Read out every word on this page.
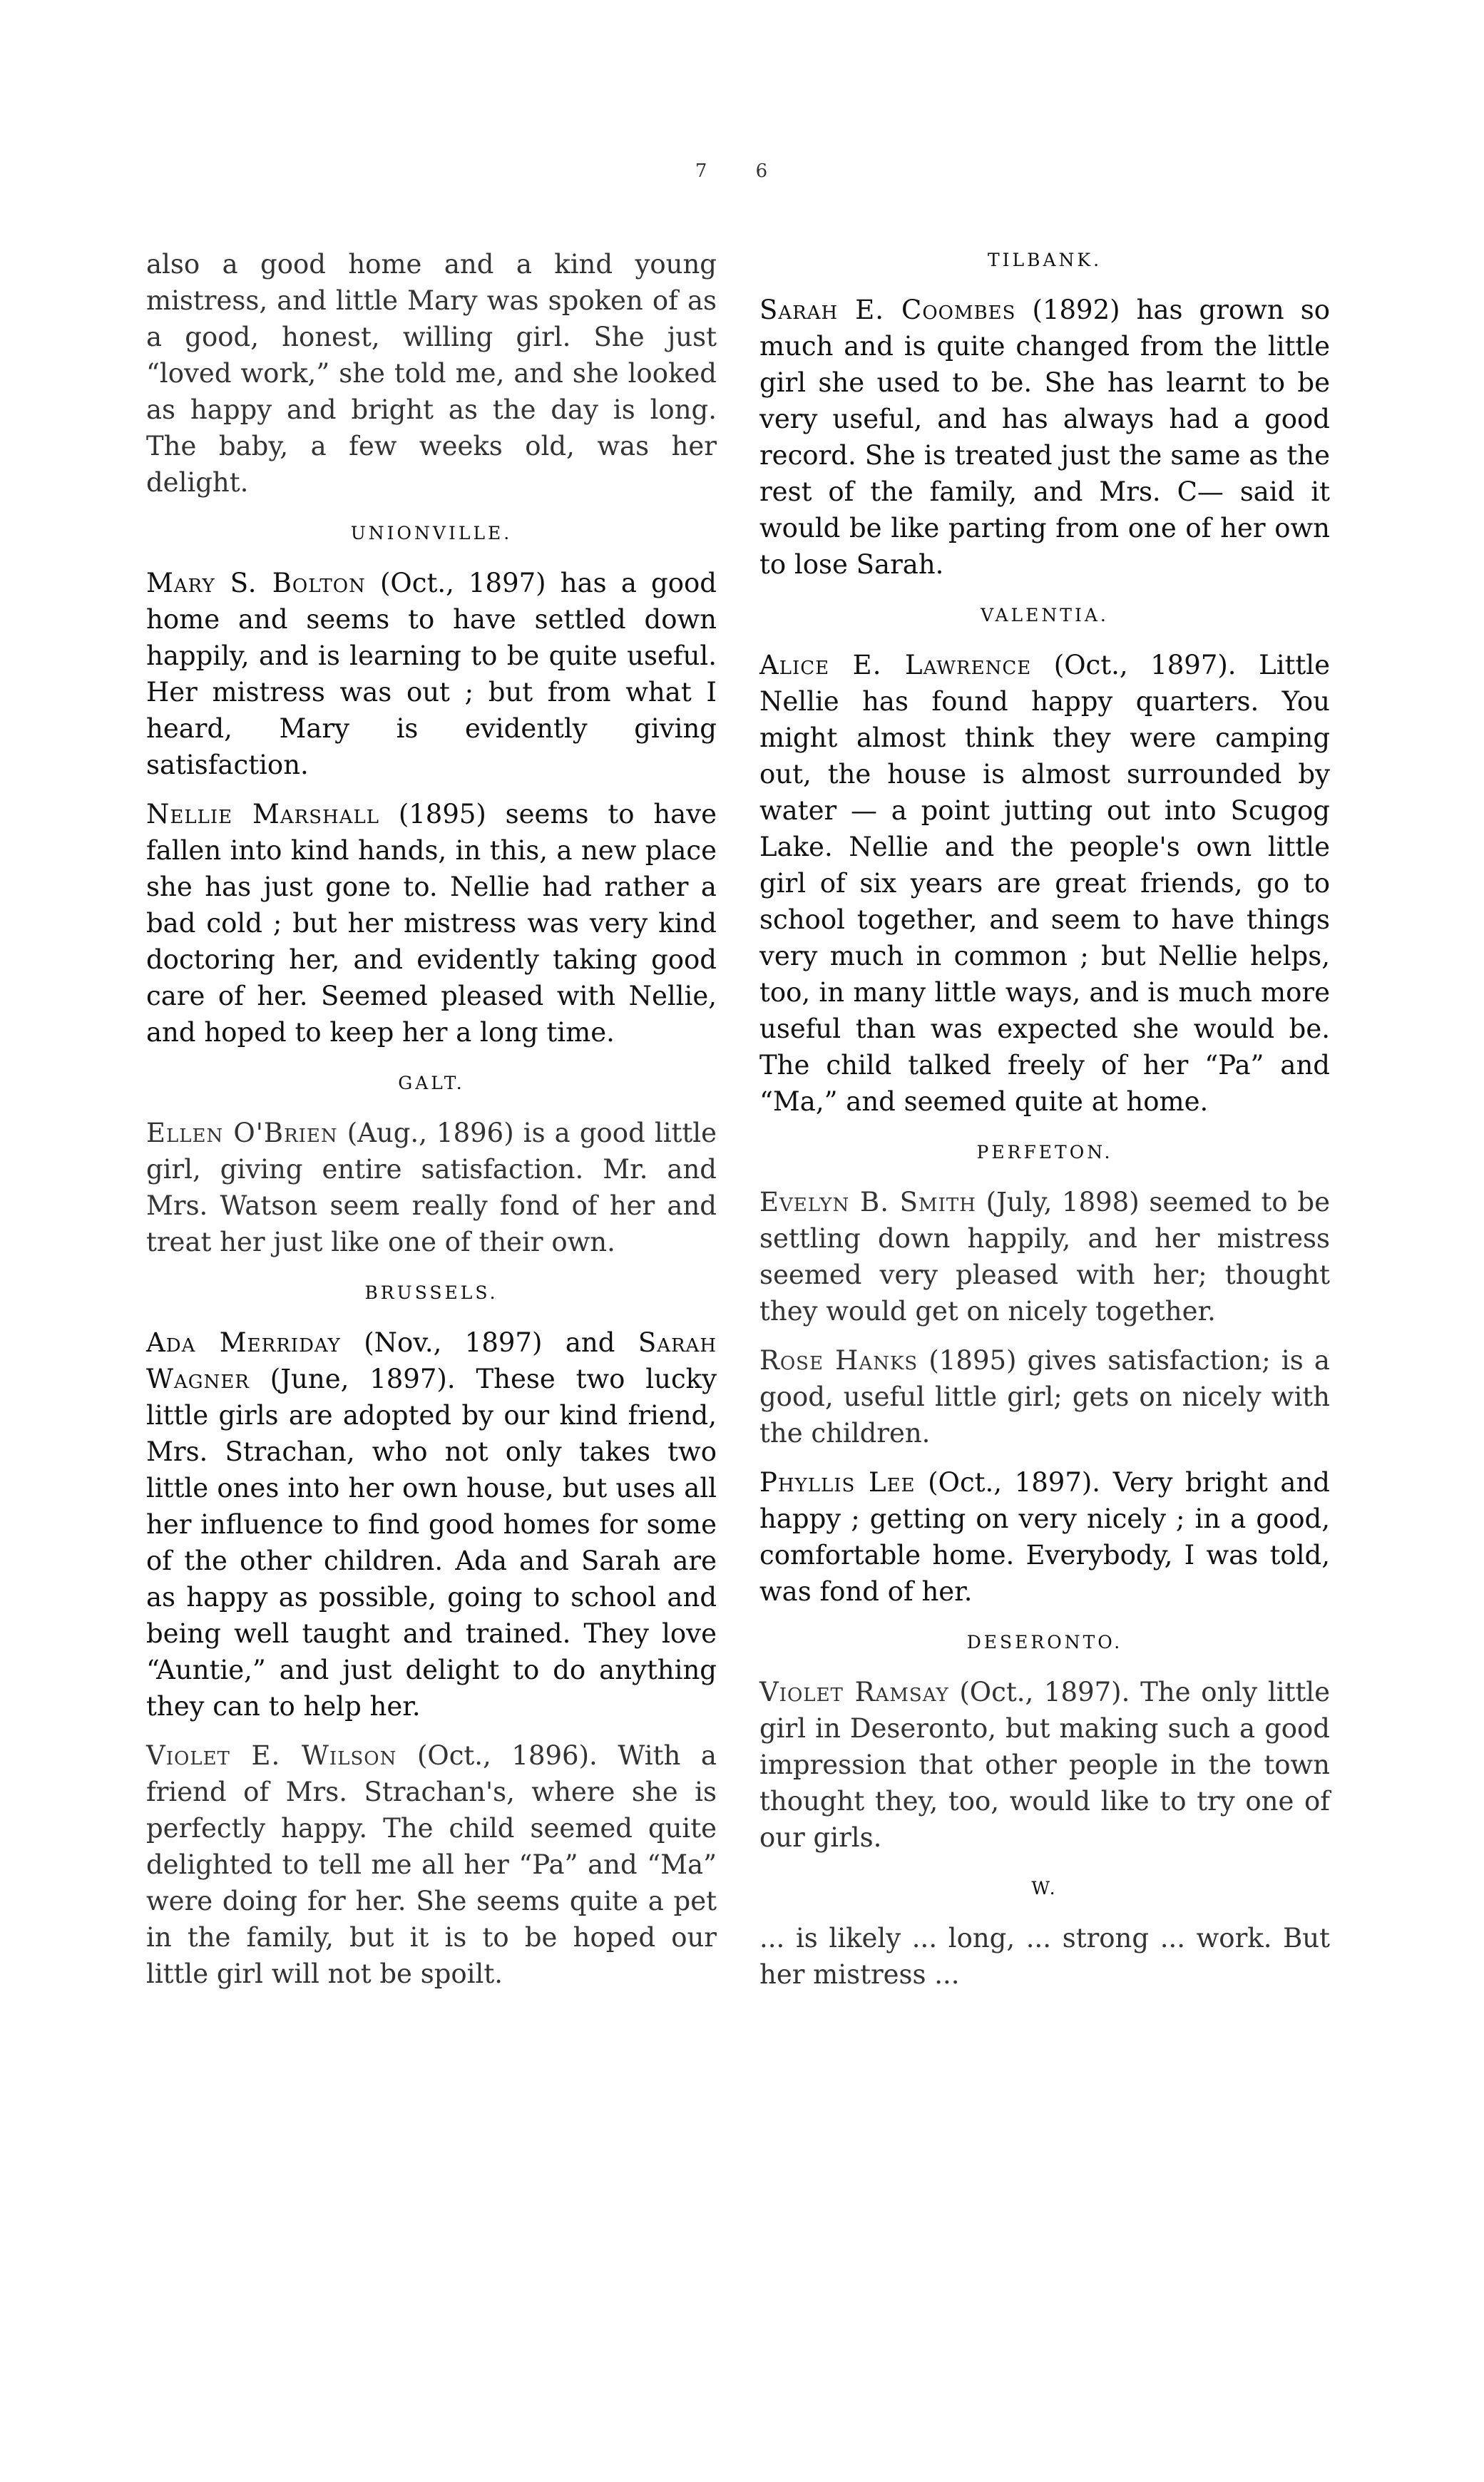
7 6

also a good home and a kind young mistress, and little Mary was spoken of as a good, honest, willing girl. She just “loved work,” she told me, and she looked as happy and bright as the day is long. The baby, a few weeks old, was her delight.

UNIONVILLE.

Mary S. Bolton (Oct., 1897) has a good home and seems to have settled down happily, and is learning to be quite useful. Her mistress was out ; but from what I heard, Mary is evidently giving satisfaction.

Nellie Marshall (1895) seems to have fallen into kind hands, in this, a new place she has just gone to. Nellie had rather a bad cold ; but her mistress was very kind doctoring her, and evidently taking good care of her. Seemed pleased with Nellie, and hoped to keep her a long time.

GALT.

Ellen O'Brien (Aug., 1896) is a good little girl, giving entire satisfaction. Mr. and Mrs. Watson seem really fond of her and treat her just like one of their own.

BRUSSELS.

Ada Merriday (Nov., 1897) and Sarah Wagner (June, 1897). These two lucky little girls are adopted by our kind friend, Mrs. Strachan, who not only takes two little ones into her own house, but uses all her influence to find good homes for some of the other children. Ada and Sarah are as happy as possible, going to school and being well taught and trained. They love “Auntie,” and just delight to do anything they can to help her.

Violet E. Wilson (Oct., 1896). With a friend of Mrs. Strachan's, where she is perfectly happy. The child seemed quite delighted to tell me all her “Pa” and “Ma” were doing for her. She seems quite a pet in the family, but it is to be hoped our little girl will not be spoilt.

TILBANK.

Sarah E. Coombes (1892) has grown so much and is quite changed from the little girl she used to be. She has learnt to be very useful, and has always had a good record. She is treated just the same as the rest of the family, and Mrs. C— said it would be like parting from one of her own to lose Sarah.

VALENTIA.

Alice E. Lawrence (Oct., 1897). Little Nellie has found happy quarters. You might almost think they were camping out, the house is almost surrounded by water — a point jutting out into Scugog Lake. Nellie and the people's own little girl of six years are great friends, go to school together, and seem to have things very much in common ; but Nellie helps, too, in many little ways, and is much more useful than was expected she would be. The child talked freely of her “Pa” and “Ma,” and seemed quite at home.

PERFETON.

Evelyn B. Smith (July, 1898) seemed to be settling down happily, and her mistress seemed very pleased with her; thought they would get on nicely together.

Rose Hanks (1895) gives satisfaction; is a good, useful little girl; gets on nicely with the children.

Phyllis Lee (Oct., 1897). Very bright and happy ; getting on very nicely ; in a good, comfortable home. Everybody, I was told, was fond of her.

DESERONTO.

Violet Ramsay (Oct., 1897). The only little girl in Deseronto, but making such a good impression that other people in the town thought they, too, would like to try one of our girls.

W.

... is likely ... long, ... strong ... work. But her mistress ...
